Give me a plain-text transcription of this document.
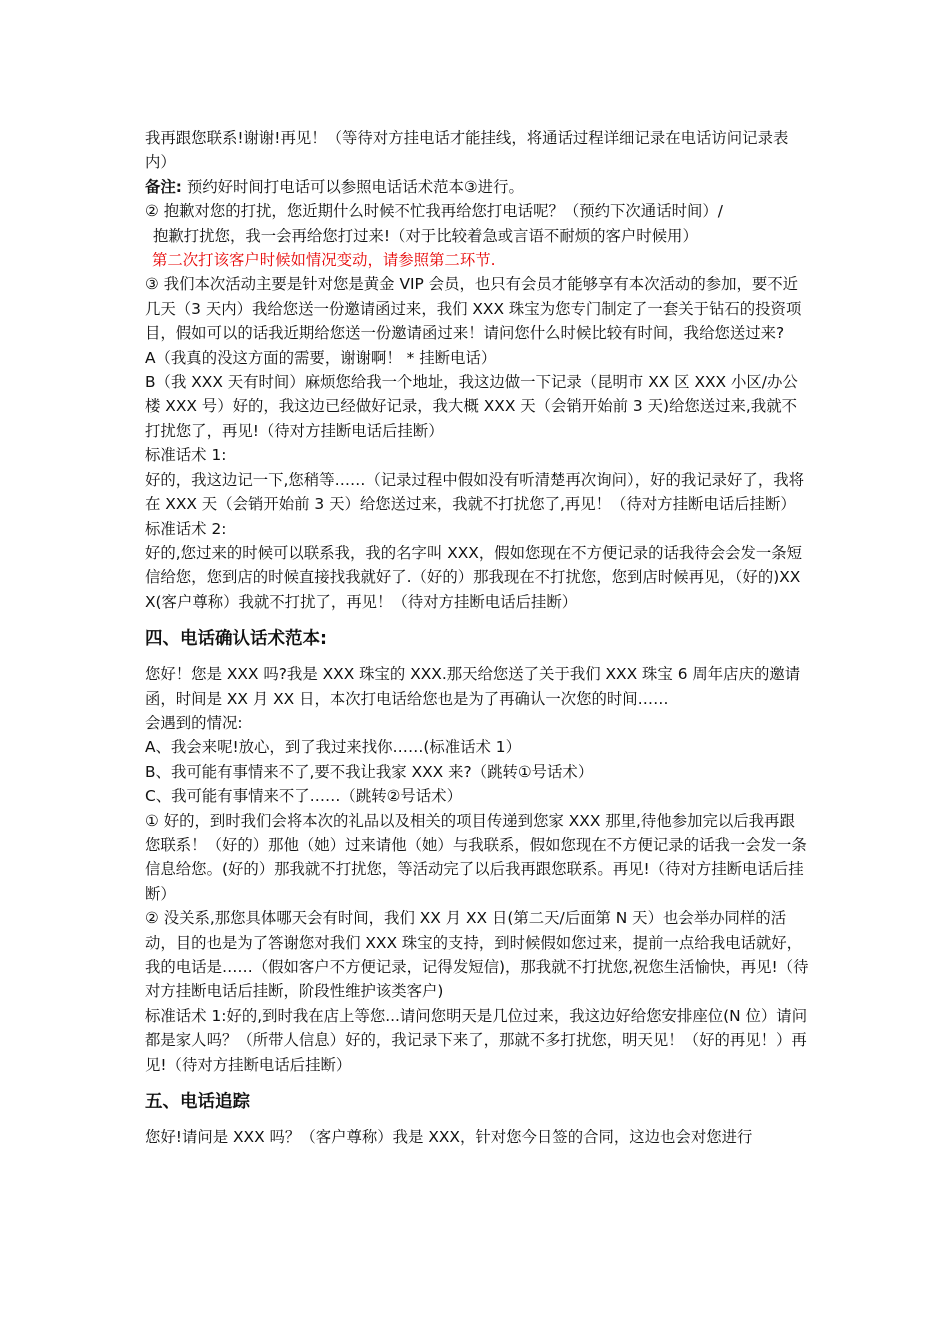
我再跟您联系!谢谢!再见！（等待对方挂电话才能挂线，将通话过程详细记录在电话访问记录表内）

备注: 预约好时间打电话可以参照电话话术范本③进行。

② 抱歉对您的打扰，您近期什么时候不忙我再给您打电话呢？（预约下次通话时间）/

抱歉打扰您，我一会再给您打过来!（对于比较着急或言语不耐烦的客户时候用）

第二次打该客户时候如情况变动，请参照第二环节.

③ 我们本次活动主要是针对您是黄金 VIP 会员，也只有会员才能够享有本次活动的参加，要不近几天（3 天内）我给您送一份邀请函过来，我们 XXX 珠宝为您专门制定了一套关于钻石的投资项目，假如可以的话我近期给您送一份邀请函过来！请问您什么时候比较有时间，我给您送过来?

A（我真的没这方面的需要，谢谢啊！ * 挂断电话）

B（我 XXX 天有时间）麻烦您给我一个地址，我这边做一下记录（昆明市 XX 区 XXX 小区/办公楼 XXX 号）好的，我这边已经做好记录，我大概 XXX 天（会销开始前 3 天)给您送过来,我就不打扰您了，再见!（待对方挂断电话后挂断）

标准话术 1:

好的，我这边记一下,您稍等……（记录过程中假如没有听清楚再次询问），好的我记录好了，我将在 XXX 天（会销开始前 3 天）给您送过来，我就不打扰您了,再见！（待对方挂断电话后挂断）

标准话术 2:

好的,您过来的时候可以联系我，我的名字叫 XXX，假如您现在不方便记录的话我待会会发一条短信给您，您到店的时候直接找我就好了.（好的）那我现在不打扰您，您到店时候再见，（好的)XXX(客户尊称）我就不打扰了，再见！（待对方挂断电话后挂断）

四、电话确认话术范本:

您好！您是 XXX 吗?我是 XXX 珠宝的 XXX.那天给您送了关于我们 XXX 珠宝 6 周年店庆的邀请函，时间是 XX 月 XX 日，本次打电话给您也是为了再确认一次您的时间……

会遇到的情况:

A、我会来呢!放心，到了我过来找你……(标准话术 1）

B、我可能有事情来不了,要不我让我家 XXX 来?（跳转①号话术）

C、我可能有事情来不了……（跳转②号话术）

① 好的，到时我们会将本次的礼品以及相关的项目传递到您家 XXX 那里,待他参加完以后我再跟您联系！（好的）那他（她）过来请他（她）与我联系，假如您现在不方便记录的话我一会发一条信息给您。(好的）那我就不打扰您，等活动完了以后我再跟您联系。再见!（待对方挂断电话后挂断）

② 没关系,那您具体哪天会有时间，我们 XX 月 XX 日(第二天/后面第 N 天）也会举办同样的活动，目的也是为了答谢您对我们 XXX 珠宝的支持，到时候假如您过来，提前一点给我电话就好，我的电话是……（假如客户不方便记录，记得发短信)，那我就不打扰您,祝您生活愉快，再见!（待对方挂断电话后挂断，阶段性维护该类客户)

标准话术 1:好的,到时我在店上等您...请问您明天是几位过来，我这边好给您安排座位(N 位）请问都是家人吗？（所带人信息）好的，我记录下来了，那就不多打扰您，明天见！（好的再见！）再见!（待对方挂断电话后挂断）

五、电话追踪

您好!请问是 XXX 吗？（客户尊称）我是 XXX，针对您今日签的合同，这边也会对您进行
